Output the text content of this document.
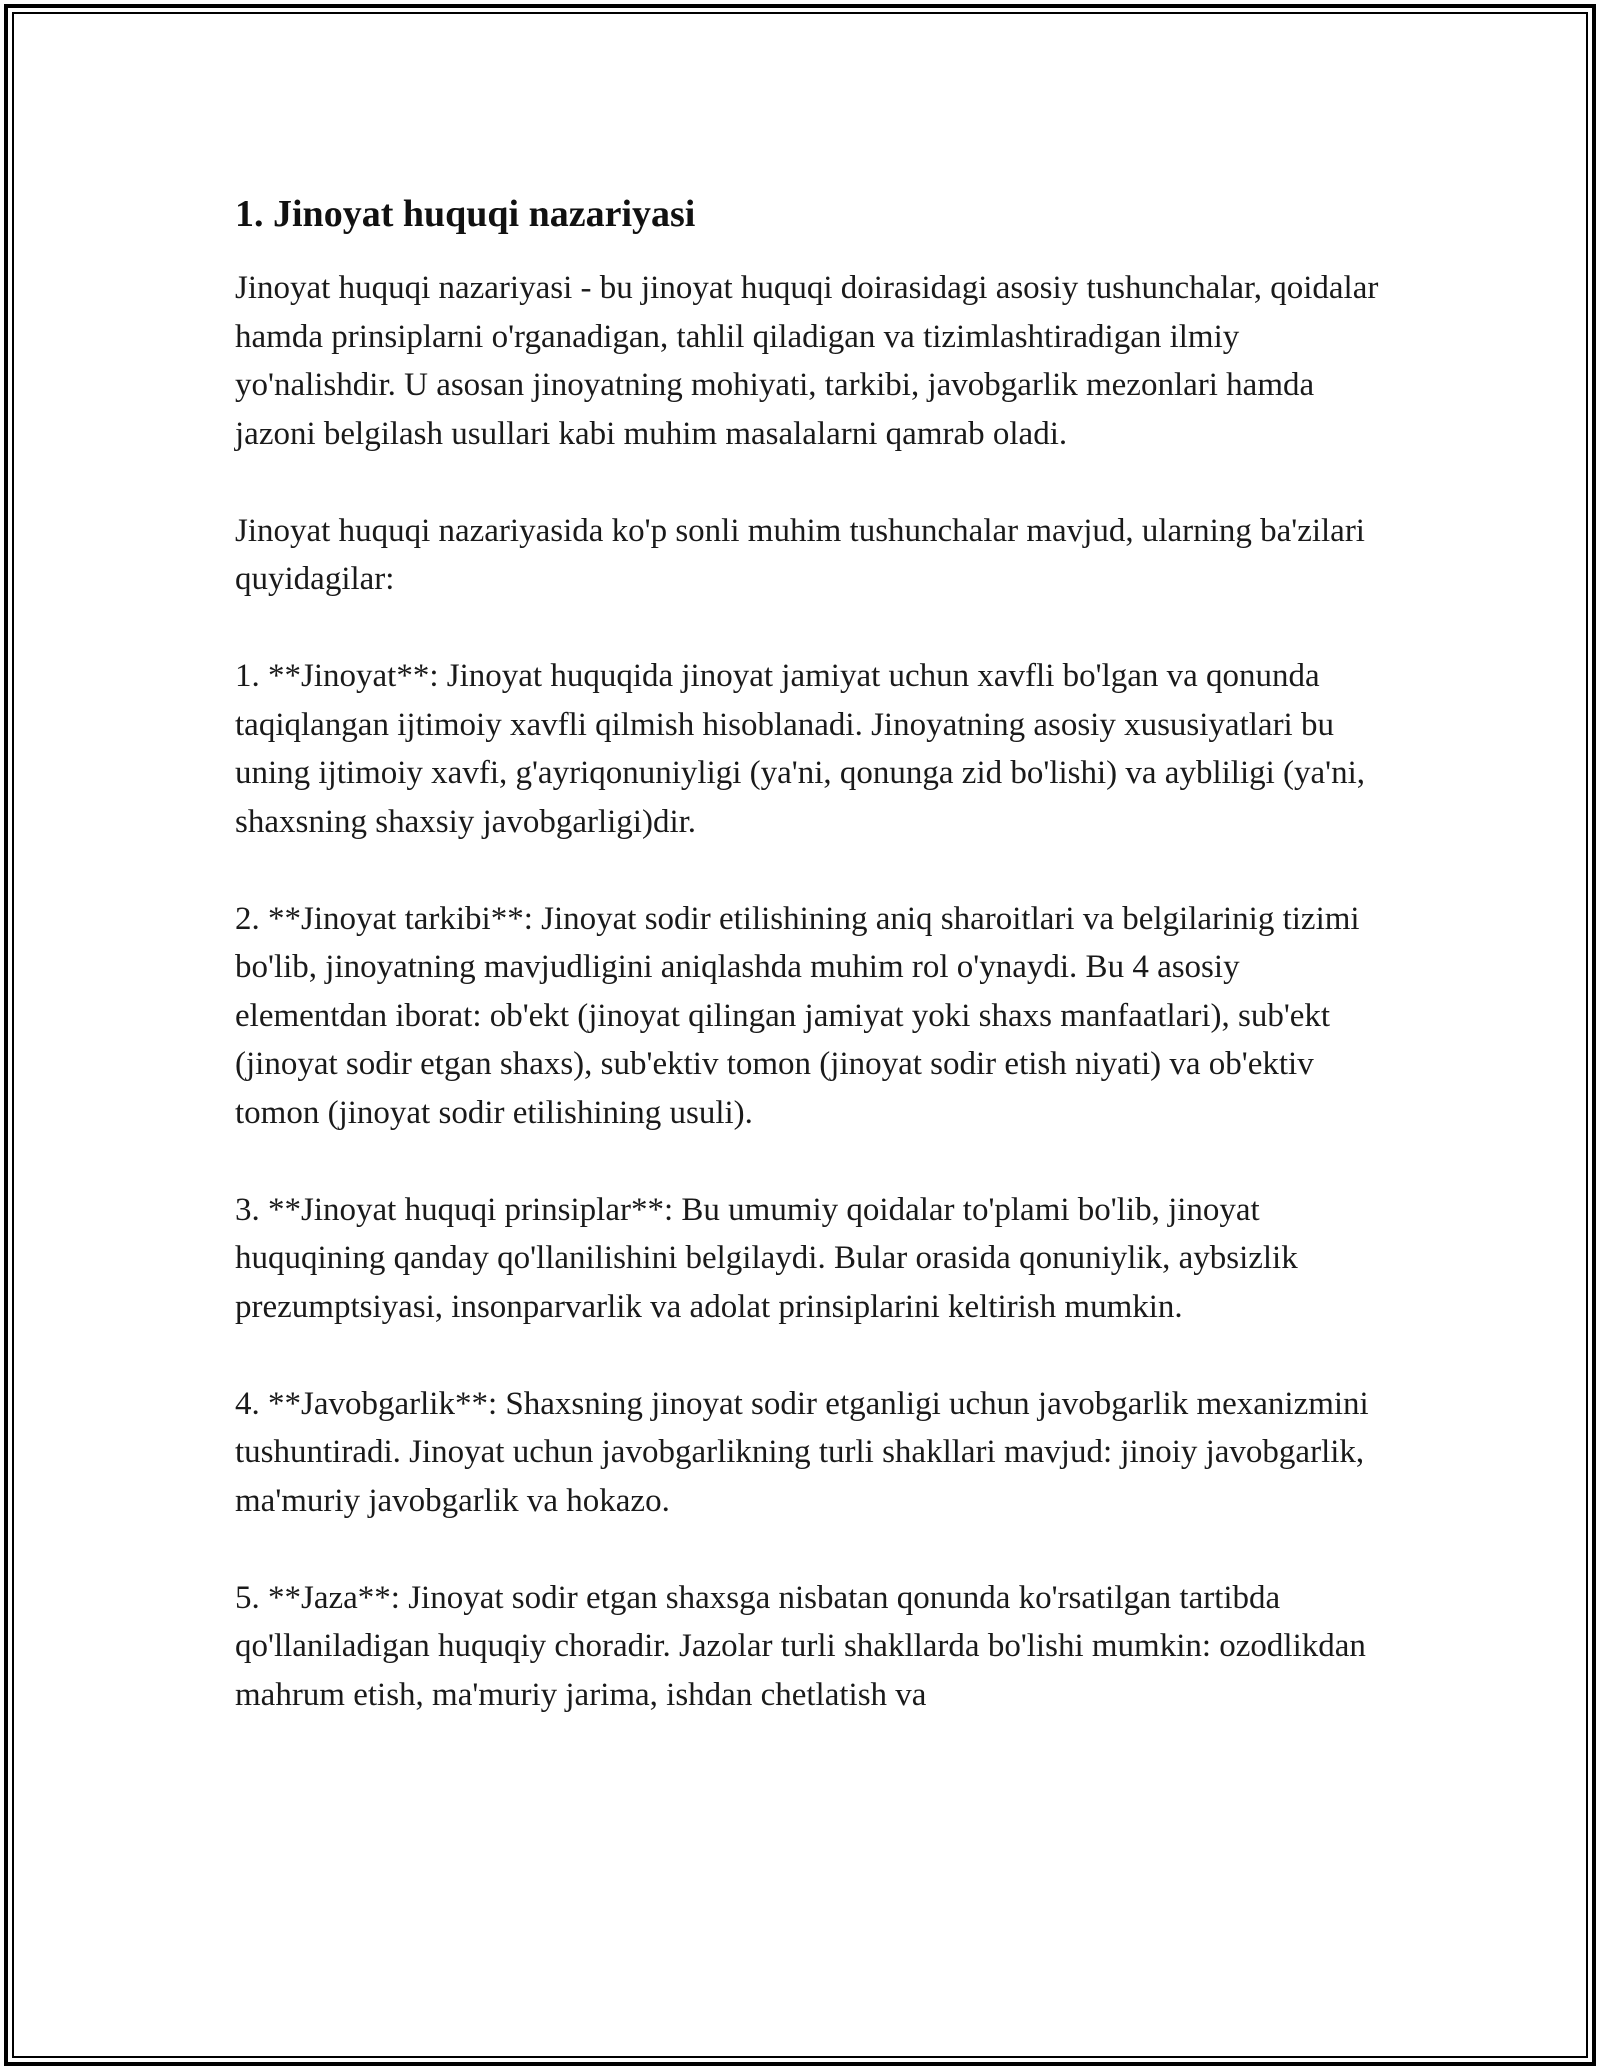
1. Jinoyat huquqi nazariyasi

Jinoyat huquqi nazariyasi - bu jinoyat huquqi doirasidagi asosiy tushunchalar, qoidalar hamda prinsiplarni o'rganadigan, tahlil qiladigan va tizimlashtiradigan ilmiy yo'nalishdir. U asosan jinoyatning mohiyati, tarkibi, javobgarlik mezonlari hamda jazoni belgilash usullari kabi muhim masalalarni qamrab oladi.

Jinoyat huquqi nazariyasida ko'p sonli muhim tushunchalar mavjud, ularning ba'zilari quyidagilar:

1. **Jinoyat**: Jinoyat huquqida jinoyat jamiyat uchun xavfli bo'lgan va qonunda taqiqlangan ijtimoiy xavfli qilmish hisoblanadi. Jinoyatning asosiy xususiyatlari bu uning ijtimoiy xavfi, g'ayriqonuniyligi (ya'ni, qonunga zid bo'lishi) va aybliligi (ya'ni, shaxsning shaxsiy javobgarligi)dir.

2. **Jinoyat tarkibi**: Jinoyat sodir etilishining aniq sharoitlari va belgilarinig tizimi bo'lib, jinoyatning mavjudligini aniqlashda muhim rol o'ynaydi. Bu 4 asosiy elementdan iborat: ob'ekt (jinoyat qilingan jamiyat yoki shaxs manfaatlari), sub'ekt (jinoyat sodir etgan shaxs), sub'ektiv tomon (jinoyat sodir etish niyati) va ob'ektiv tomon (jinoyat sodir etilishining usuli).

3. **Jinoyat huquqi prinsiplar**: Bu umumiy qoidalar to'plami bo'lib, jinoyat huquqining qanday qo'llanilishini belgilaydi. Bular orasida qonuniylik, aybsizlik prezumptsiyasi, insonparvarlik va adolat prinsiplarini keltirish mumkin.

4. **Javobgarlik**: Shaxsning jinoyat sodir etganligi uchun javobgarlik mexanizmini tushuntiradi. Jinoyat uchun javobgarlikning turli shakllari mavjud: jinoiy javobgarlik, ma'muriy javobgarlik va hokazo.

5. **Jaza**: Jinoyat sodir etgan shaxsga nisbatan qonunda ko'rsatilgan tartibda qo'llaniladigan huquqiy choradir. Jazolar turli shakllarda bo'lishi mumkin: ozodlikdan mahrum etish, ma'muriy jarima, ishdan chetlatish va
